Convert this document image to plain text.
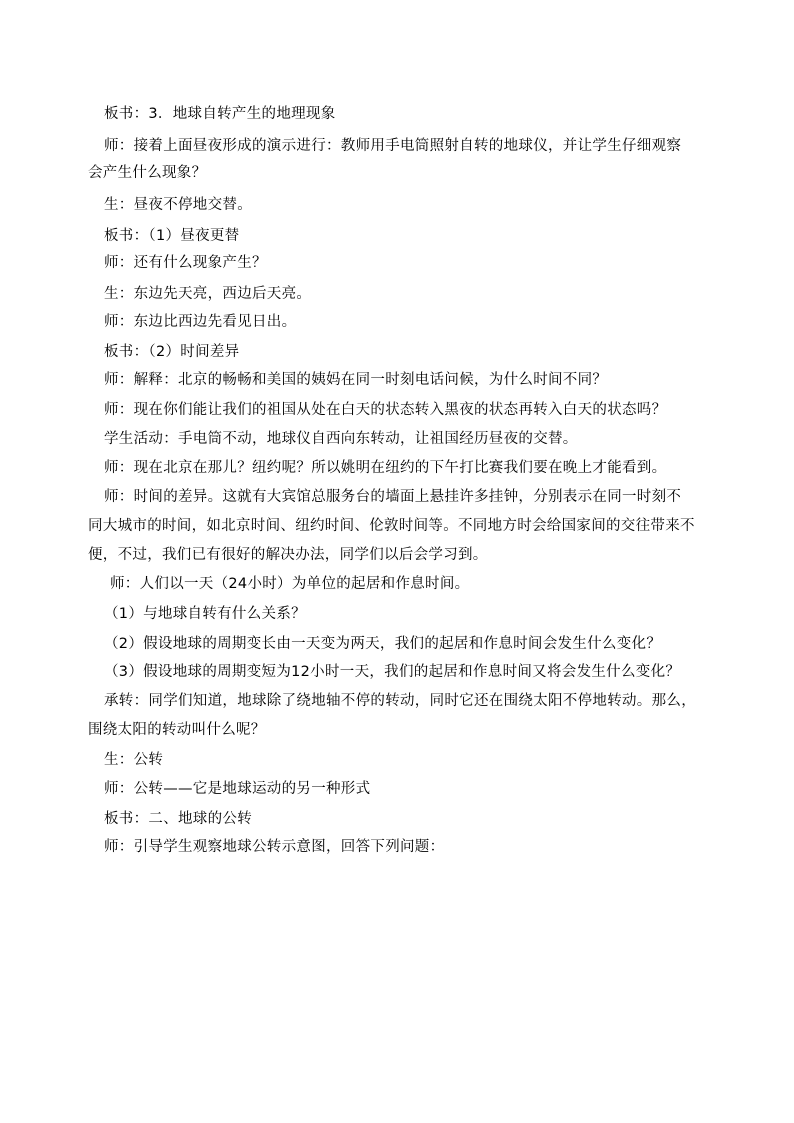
板书：3．地球自转产生的地理现象
师：接着上面昼夜形成的演示进行：教师用手电筒照射自转的地球仪，并让学生仔细观察
会产生什么现象？
生：昼夜不停地交替。
板书：（1）昼夜更替
师：还有什么现象产生？
生：东边先天亮，西边后天亮。
师：东边比西边先看见日出。
板书：（2）时间差异
师：解释：北京的畅畅和美国的姨妈在同一时刻电话问候，为什么时间不同？
师：现在你们能让我们的祖国从处在白天的状态转入黑夜的状态再转入白天的状态吗？
学生活动：手电筒不动，地球仪自西向东转动，让祖国经历昼夜的交替。
师：现在北京在那儿？纽约呢？所以姚明在纽约的下午打比赛我们要在晚上才能看到。
师：时间的差异。这就有大宾馆总服务台的墙面上悬挂许多挂钟，分别表示在同一时刻不
同大城市的时间，如北京时间、纽约时间、伦敦时间等。不同地方时会给国家间的交往带来不
便，不过，我们已有很好的解决办法，同学们以后会学习到。
师：人们以一天（24小时）为单位的起居和作息时间。
（1）与地球自转有什么关系？
（2）假设地球的周期变长由一天变为两天，我们的起居和作息时间会发生什么变化？
（3）假设地球的周期变短为12小时一天，我们的起居和作息时间又将会发生什么变化？
承转：同学们知道，地球除了绕地轴不停的转动，同时它还在围绕太阳不停地转动。那么，
围绕太阳的转动叫什么呢？
生：公转
师：公转——它是地球运动的另一种形式
板书：二、地球的公转
师：引导学生观察地球公转示意图，回答下列问题：
